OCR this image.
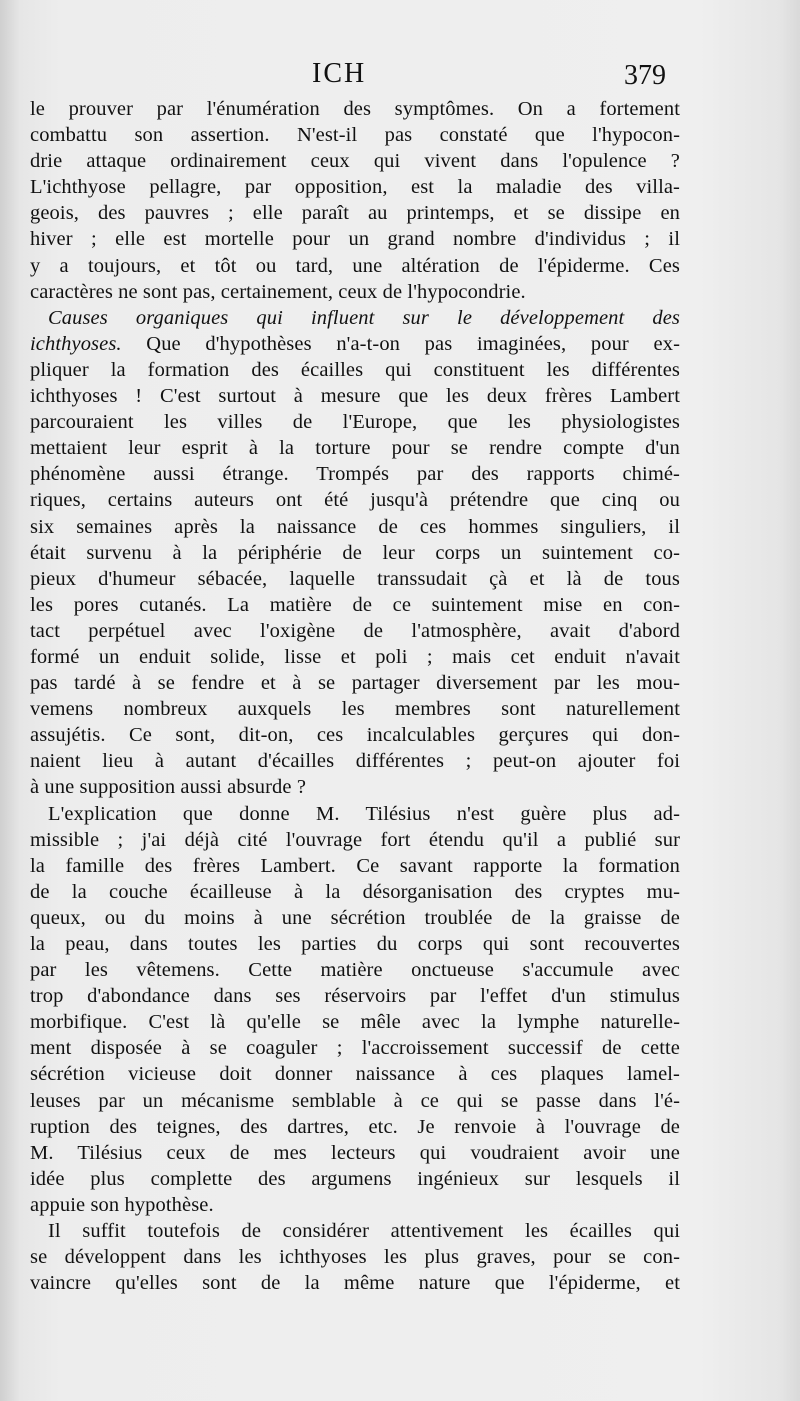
ICH	379
le prouver par l'énumération des symptômes. On a fortement
combattu son assertion. N'est-il pas constaté que l'hypocon-
drie attaque ordinairement ceux qui vivent dans l'opulence ?
L'ichthyose pellagre, par opposition, est la maladie des villa-
geois, des pauvres ; elle paraît au printemps, et se dissipe en
hiver ; elle est mortelle pour un grand nombre d'individus ; il
y a toujours, et tôt ou tard, une altération de l'épiderme. Ces
caractères ne sont pas, certainement, ceux de l'hypocondrie.
Causes organiques qui influent sur le développement des
ichthyoses. Que d'hypothèses n'a-t-on pas imaginées, pour ex-
pliquer la formation des écailles qui constituent les différentes
ichthyoses ! C'est surtout à mesure que les deux frères Lambert
parcouraient les villes de l'Europe, que les physiologistes
mettaient leur esprit à la torture pour se rendre compte d'un
phénomène aussi étrange. Trompés par des rapports chimé-
riques, certains auteurs ont été jusqu'à prétendre que cinq ou
six semaines après la naissance de ces hommes singuliers, il
était survenu à la périphérie de leur corps un suintement co-
pieux d'humeur sébacée, laquelle transsudait çà et là de tous
les pores cutanés. La matière de ce suintement mise en con-
tact perpétuel avec l'oxigène de l'atmosphère, avait d'abord
formé un enduit solide, lisse et poli ; mais cet enduit n'avait
pas tardé à se fendre et à se partager diversement par les mou-
vemens nombreux auxquels les membres sont naturellement
assujétis. Ce sont, dit-on, ces incalculables gerçures qui don-
naient lieu à autant d'écailles différentes ; peut-on ajouter foi
à une supposition aussi absurde ?
L'explication que donne M. Tilésius n'est guère plus ad-
missible ; j'ai déjà cité l'ouvrage fort étendu qu'il a publié sur
la famille des frères Lambert. Ce savant rapporte la formation
de la couche écailleuse à la désorganisation des cryptes mu-
queux, ou du moins à une sécrétion troublée de la graisse de
la peau, dans toutes les parties du corps qui sont recouvertes
par les vêtemens. Cette matière onctueuse s'accumule avec
trop d'abondance dans ses réservoirs par l'effet d'un stimulus
morbifique. C'est là qu'elle se mêle avec la lymphe naturelle-
ment disposée à se coaguler ; l'accroissement successif de cette
sécrétion vicieuse doit donner naissance à ces plaques lamel-
leuses par un mécanisme semblable à ce qui se passe dans l'é-
ruption des teignes, des dartres, etc. Je renvoie à l'ouvrage de
M. Tilésius ceux de mes lecteurs qui voudraient avoir une
idée plus complette des argumens ingénieux sur lesquels il
appuie son hypothèse.
Il suffit toutefois de considérer attentivement les écailles qui
se développent dans les ichthyoses les plus graves, pour se con-
vaincre qu'elles sont de la même nature que l'épiderme, et
